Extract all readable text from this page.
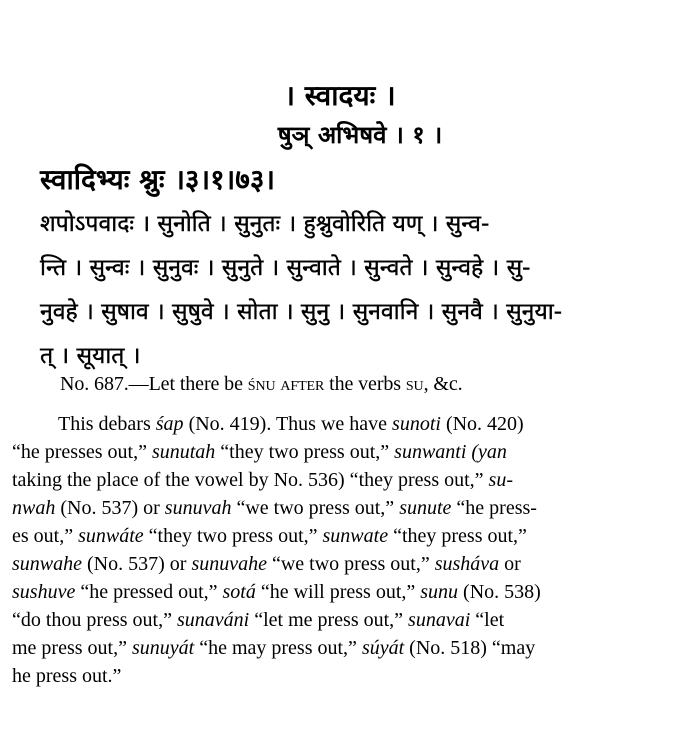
। स्वादयः ।
षुञ् अभिषवे । १ ।
स्वादिभ्यः श्नुः ।३।१।७३।
शपोऽपवादः । सुनोति । सुनुतः । हुश्नुवोरिति यण् । सुन्व-
न्ति । सुन्वः । सुनुवः । सुनुते । सुन्वाते । सुन्वते । सुन्वहे । सु-
नुवहे । सुषाव । सुषुवे । सोता । सुनु । सुनवानि । सुनवै । सुनुया-
त् । सूयात् ।
No. 687.—Let there be śnu after the verbs su, &c.
This debars śap (No. 419). Thus we have sunoti (No. 420)
“he presses out,” sunutah “they two press out,” sunwanti (yan
taking the place of the vowel by No. 536) “they press out,” su-
nwah (No. 537) or sunuvah “we two press out,” sunute “he press-
es out,” sunwáte “they two press out,” sunwate “they press out,”
sunwahe (No. 537) or sunuvahe “we two press out,” susháva or
sushuve “he pressed out,” sotá “he will press out,” sunu (No. 538)
“do thou press out,” sunaváni “let me press out,” sunavai “let
me press out,” sunuyát “he may press out,” súyát (No. 518) “may
he press out.”
